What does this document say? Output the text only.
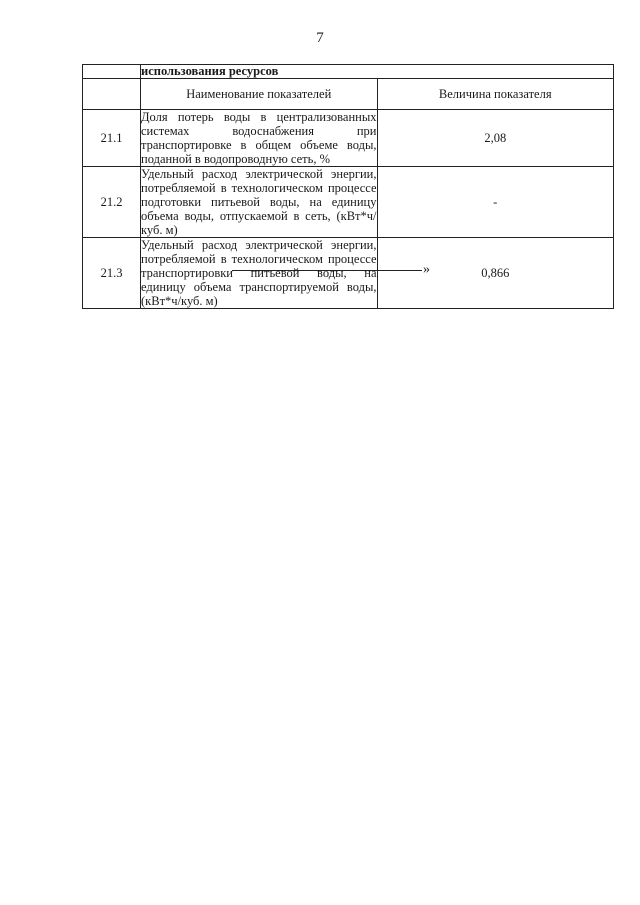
7
	использования ресурсов	
	Наименование показателей	Величина показателя
21.1	Доля потерь воды в централизованных системах водоснабжения при транспортировке в общем объеме воды, поданной в водопроводную сеть, %	2,08
21.2	Удельный расход электрической энергии, потребляемой в технологическом процессе подготовки питьевой воды, на единицу объема воды, отпускаемой в сеть, (кВт*ч/куб. м)	-
21.3	Удельный расход электрической энергии, потребляемой в технологическом процессе транспортировки питьевой воды, на единицу объема транспортируемой воды, (кВт*ч/куб. м)	0,866
»
